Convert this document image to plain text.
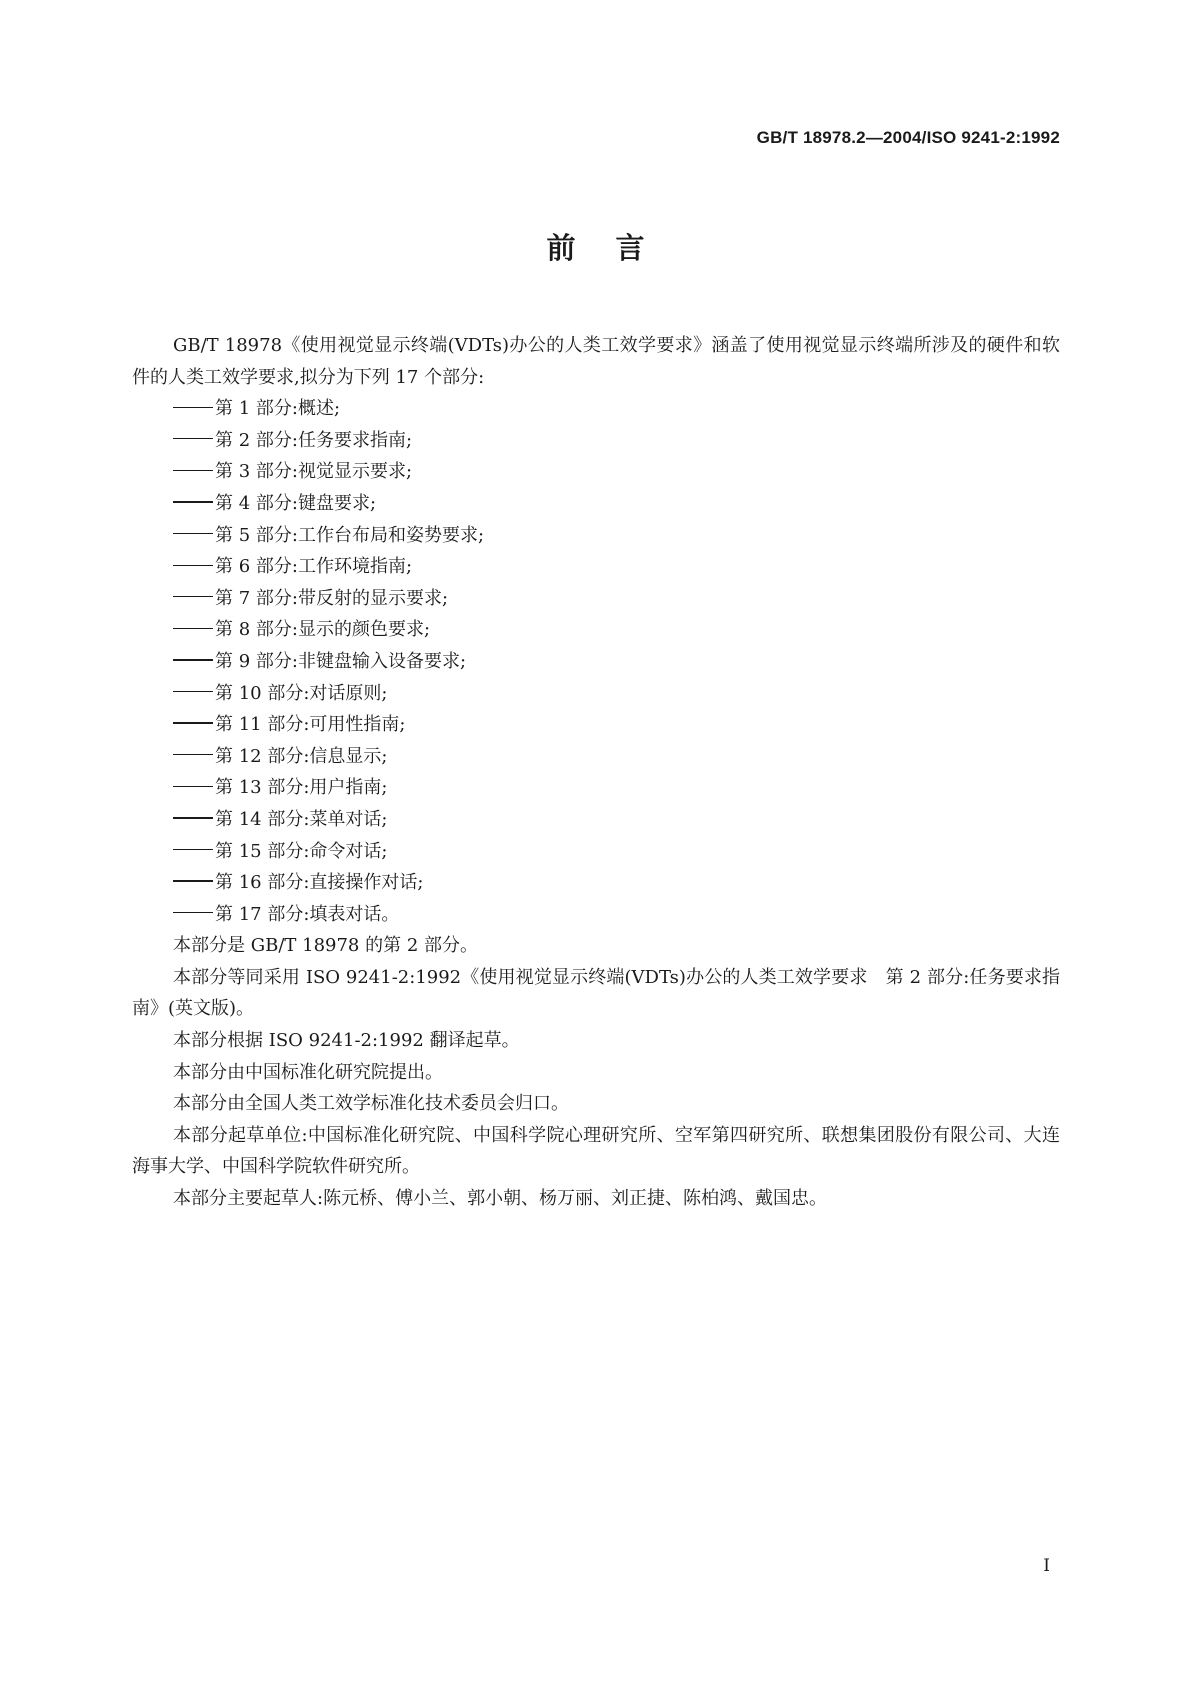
GB/T 18978.2—2004/ISO 9241-2:1992
前言

GB/T 18978《使用视觉显示终端(VDTs)办公的人类工效学要求》涵盖了使用视觉显示终端所涉及的硬件和软件的人类工效学要求,拟分为下列 17 个部分:

第 1 部分:概述;
第 2 部分:任务要求指南;
第 3 部分:视觉显示要求;
第 4 部分:键盘要求;
第 5 部分:工作台布局和姿势要求;
第 6 部分:工作环境指南;
第 7 部分:带反射的显示要求;
第 8 部分:显示的颜色要求;
第 9 部分:非键盘输入设备要求;
第 10 部分:对话原则;
第 11 部分:可用性指南;
第 12 部分:信息显示;
第 13 部分:用户指南;
第 14 部分:菜单对话;
第 15 部分:命令对话;
第 16 部分:直接操作对话;
第 17 部分:填表对话。

本部分是 GB/T 18978 的第 2 部分。

本部分等同采用 ISO 9241-2:1992《使用视觉显示终端(VDTs)办公的人类工效学要求　第 2 部分:任务要求指南》(英文版)。

本部分根据 ISO 9241-2:1992 翻译起草。

本部分由中国标准化研究院提出。

本部分由全国人类工效学标准化技术委员会归口。

本部分起草单位:中国标准化研究院、中国科学院心理研究所、空军第四研究所、联想集团股份有限公司、大连海事大学、中国科学院软件研究所。

本部分主要起草人:陈元桥、傅小兰、郭小朝、杨万丽、刘正捷、陈柏鸿、戴国忠。

I
